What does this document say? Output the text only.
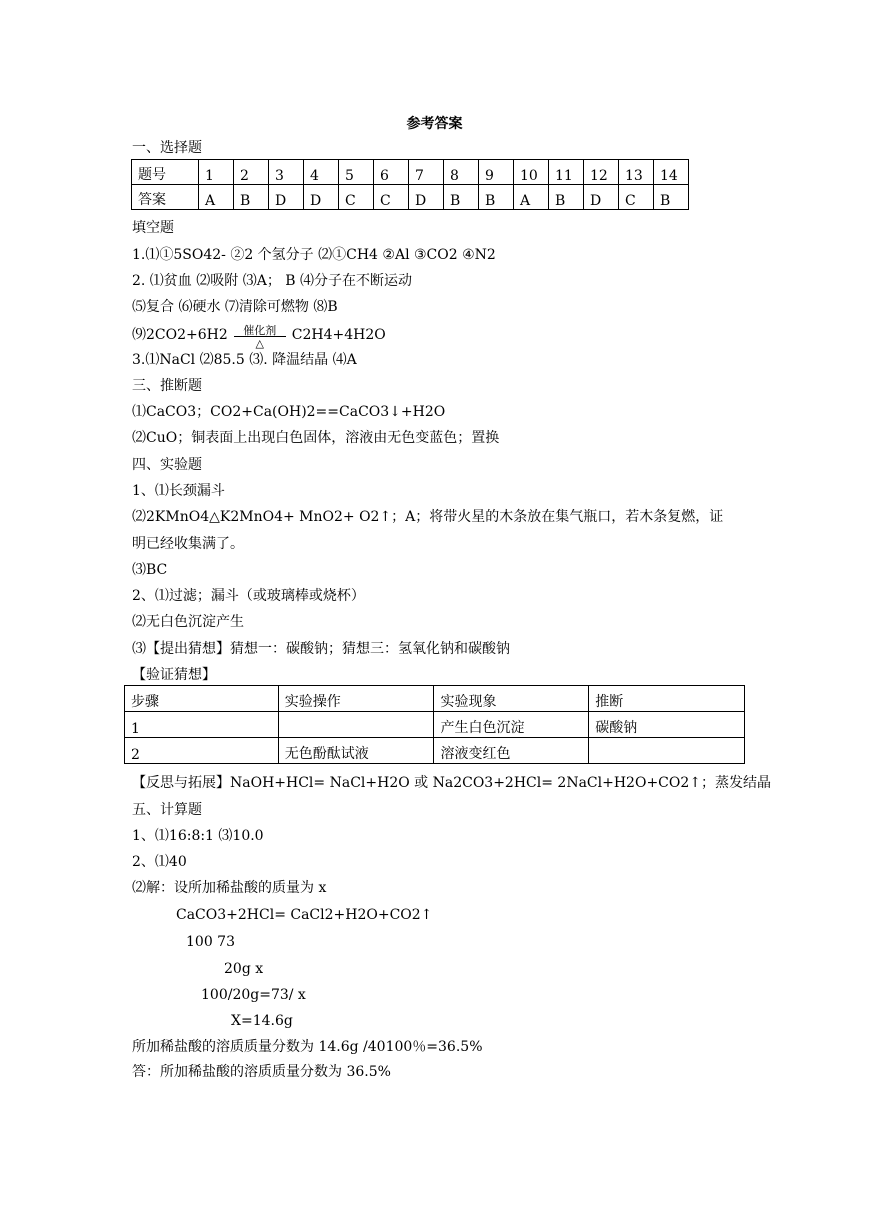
参考答案
一、选择题
题号	1	2	3	4	5	6	7	8	9	10	11	12	13	14
答案	A	B	D	D	C	C	D	B	B	A	B	D	C	B
填空题
1.⑴①5SO42- ②2 个氢分子 ⑵①CH4 ②Al ③CO2 ④N2
2. ⑴贫血 ⑵吸附 ⑶A； B ⑷分子在不断运动
⑸复合 ⑹硬水 ⑺清除可燃物 ⑻B
⑼2CO2+6H2	催化剂
△
C2H4+4H2O
3.⑴NaCl ⑵85.5 ⑶. 降温结晶 ⑷A
三、推断题
⑴CaCO3；CO2+Ca(OH)2==CaCO3↓+H2O
⑵CuO；铜表面上出现白色固体，溶液由无色变蓝色；置换
四、实验题
1、⑴长颈漏斗
⑵2KMnO4△K2MnO4+ MnO2+ O2↑；A；将带火星的木条放在集气瓶口，若木条复燃，证
明已经收集满了。
⑶BC
2、⑴过滤；漏斗（或玻璃棒或烧杯）
⑵无白色沉淀产生
⑶【提出猜想】猜想一：碳酸钠；猜想三：氢氧化钠和碳酸钠
【验证猜想】
步骤	实验操作	实验现象	推断
1		产生白色沉淀	碳酸钠
2	无色酚酞试液	溶液变红色	
【反思与拓展】NaOH+HCl= NaCl+H2O 或 Na2CO3+2HCl= 2NaCl+H2O+CO2↑；蒸发结晶
五、计算题
1、⑴16:8:1 ⑶10.0
2、⑴40
⑵解：设所加稀盐酸的质量为 x
CaCO3+2HCl= CaCl2+H2O+CO2↑
100 73
20g x
100/20g=73/ x
X=14.6g
所加稀盐酸的溶质质量分数为 14.6g /40100％=36.5%
答：所加稀盐酸的溶质质量分数为 36.5%
